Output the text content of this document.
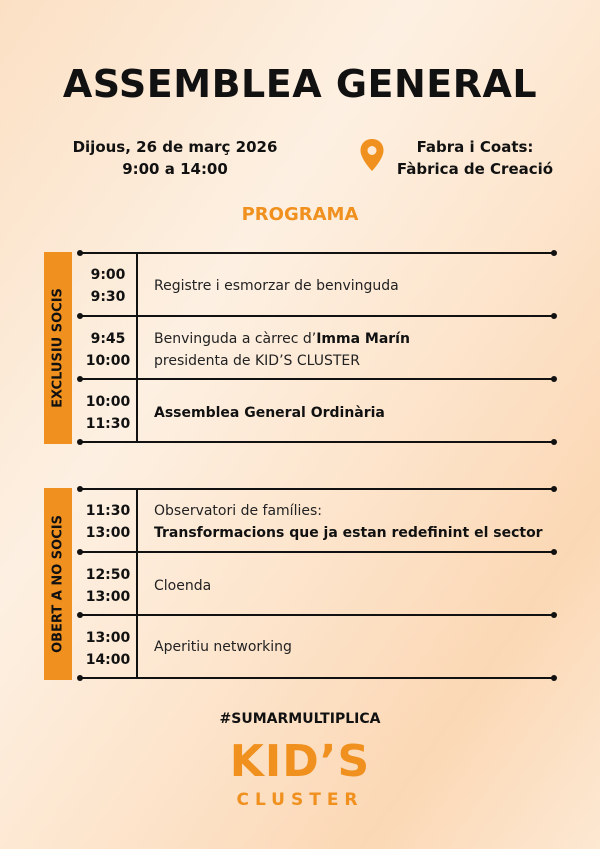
ASSEMBLEA GENERAL
Dijous, 26 de març 2026
9:00 a 14:00
Fabra i Coats:
Fàbrica de Creació
PROGRAMA
EXCLUSIU SOCIS
9:00
9:30
Registre i esmorzar de benvinguda
9:45
10:00
Benvinguda a càrrec d’Imma Marín
presidenta de KID’S CLUSTER
10:00
11:30
Assemblea General Ordinària
OBERT A NO SOCIS
11:30
13:00
Observatori de famílies:
Transformacions que ja estan redefinint el sector
12:50
13:00
Cloenda
13:00
14:00
Aperitiu networking
#SUMARMULTIPLICA
KID’S
CLUSTER
